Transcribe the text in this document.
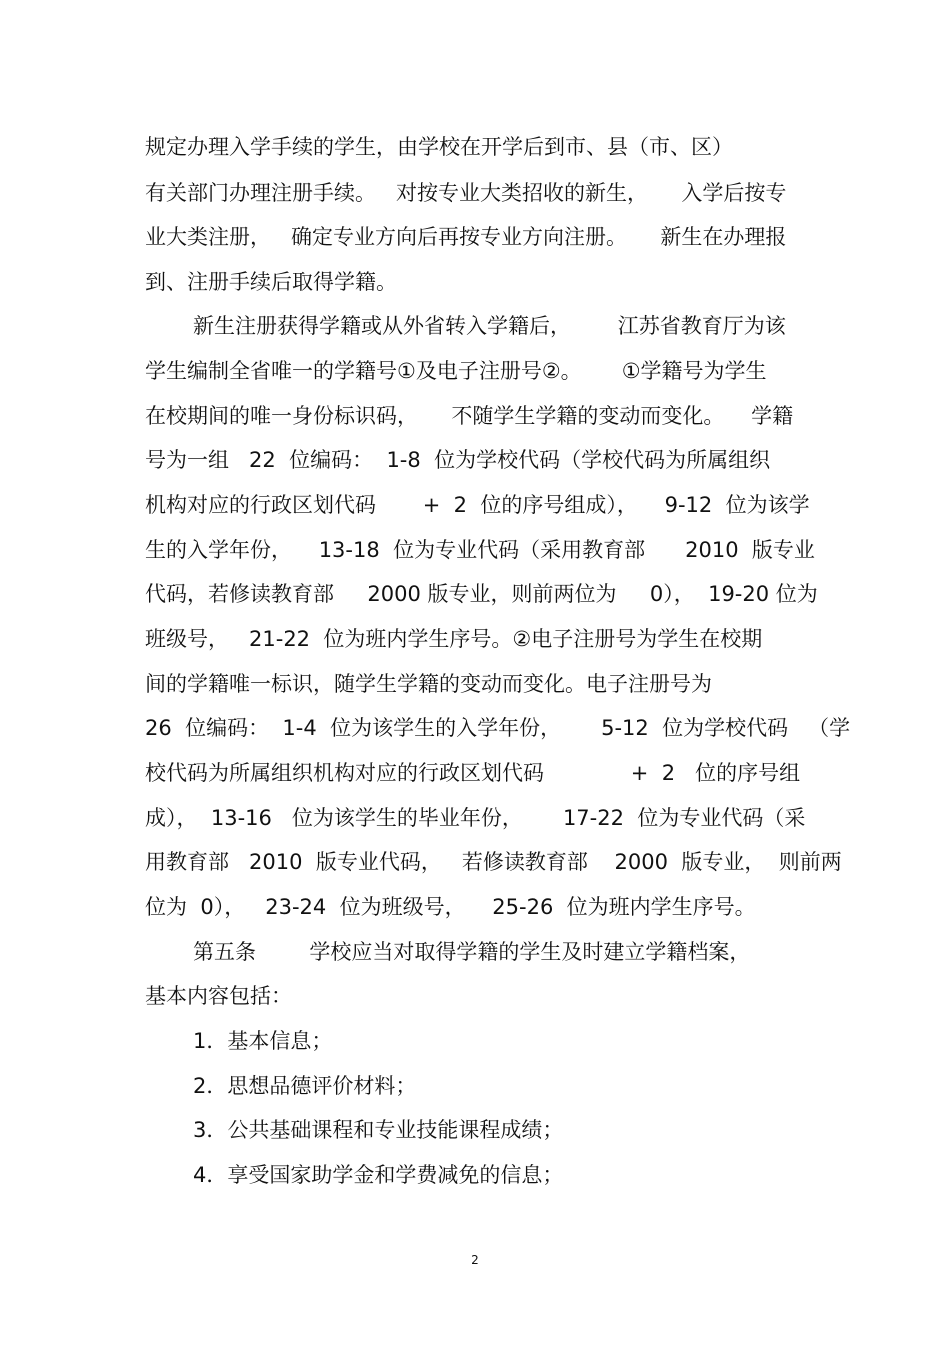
规定办理入学手续的学生，由学校在开学后到市、县（市、区）
有关部门办理注册手续。   对按专业大类招收的新生，     入学后按专
业大类注册，   确定专业方向后再按专业方向注册。     新生在办理报
到、注册手续后取得学籍。
新生注册获得学籍或从外省转入学籍后，       江苏省教育厅为该
学生编制全省唯一的学籍号①及电子注册号②。      ①学籍号为学生
在校期间的唯一身份标识码，     不随学生学籍的变动而变化。    学籍
号为一组   22  位编码：  1-8  位为学校代码（学校代码为所属组织
机构对应的行政区划代码       +  2  位的序号组成），    9-12  位为该学
生的入学年份，    13-18  位为专业代码（采用教育部      2010  版专业
代码，若修读教育部     2000 版专业，则前两位为     0），  19-20 位为
班级号，   21-22  位为班内学生序号。②电子注册号为学生在校期
间的学籍唯一标识，随学生学籍的变动而变化。电子注册号为
26  位编码：  1-4  位为该学生的入学年份，      5-12  位为学校代码   （学
校代码为所属组织机构对应的行政区划代码             +  2   位的序号组
成），  13-16   位为该学生的毕业年份，      17-22  位为专业代码（采
用教育部   2010  版专业代码，   若修读教育部    2000  版专业，  则前两
位为  0），   23-24  位为班级号，    25-26  位为班内学生序号。
第五条        学校应当对取得学籍的学生及时建立学籍档案，
基本内容包括：
1．基本信息；
2．思想品德评价材料；
3．公共基础课程和专业技能课程成绩；
4．享受国家助学金和学费减免的信息；
2
